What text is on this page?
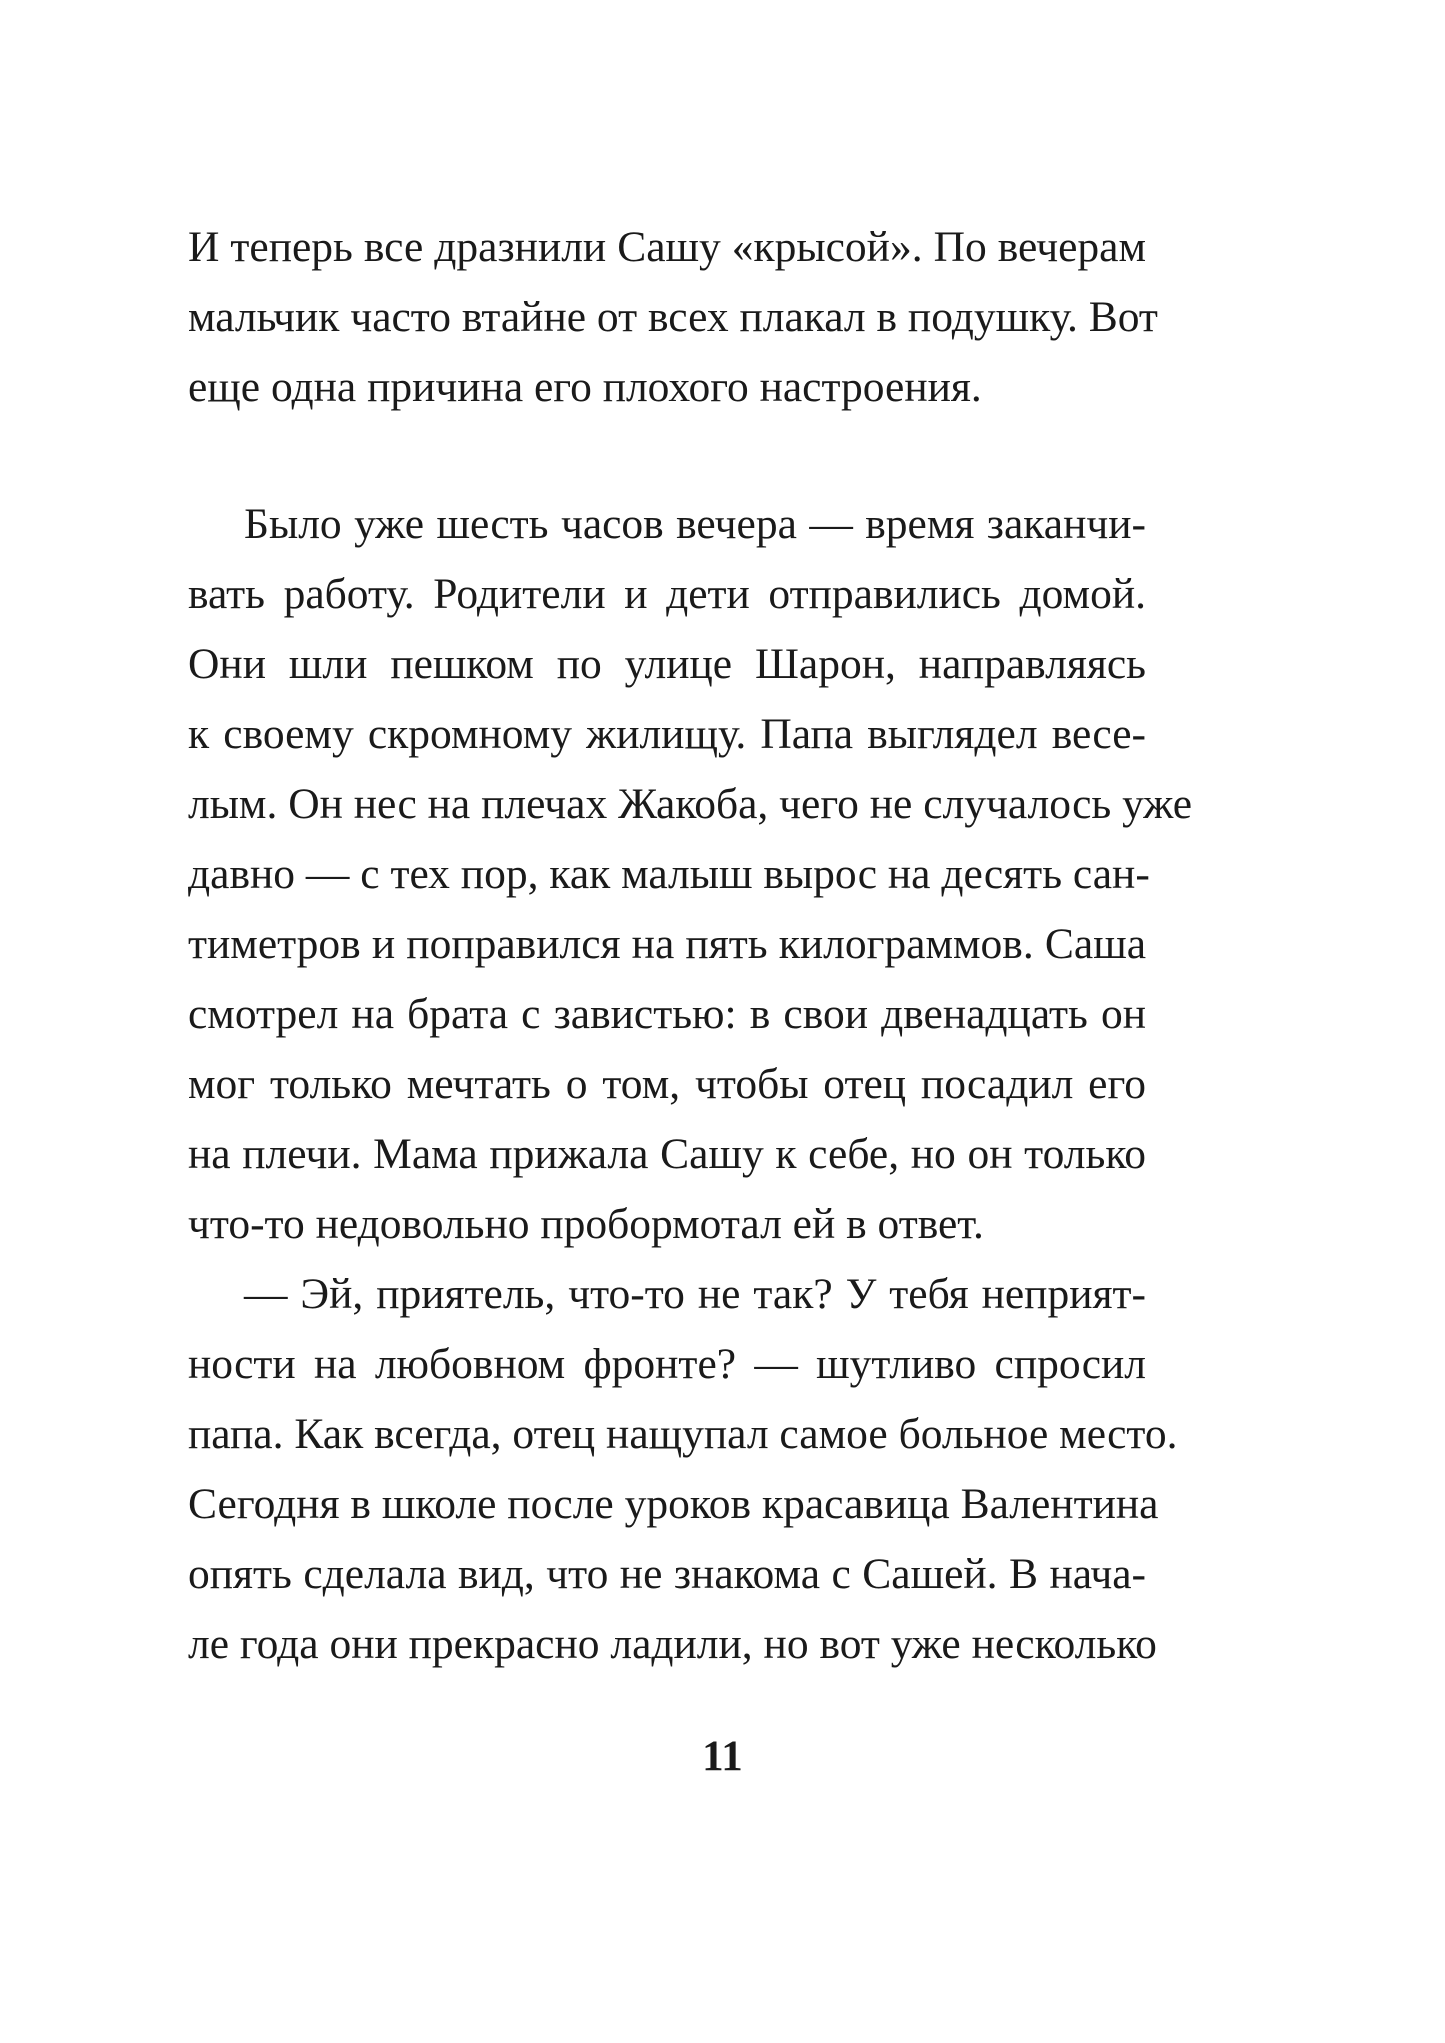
И теперь все дразнили Сашу «крысой». По вечерам
мальчик часто втайне от всех плакал в подушку. Вот
еще одна причина его плохого настроения.
Было уже шесть часов вечера — время заканчи-
вать работу. Родители и дети отправились домой.
Они шли пешком по улице Шарон, направляясь
к своему скромному жилищу. Папа выглядел весе-
лым. Он нес на плечах Жакоба, чего не случалось уже
давно — с тех пор, как малыш вырос на десять сан-
тиметров и поправился на пять килограммов. Саша
смотрел на брата с завистью: в свои двенадцать он
мог только мечтать о том, чтобы отец посадил его
на плечи. Мама прижала Сашу к себе, но он только
что-то недовольно пробормотал ей в ответ.
— Эй, приятель, что-то не так? У тебя неприят-
ности на любовном фронте? — шутливо спросил
папа. Как всегда, отец нащупал самое больное место.
Сегодня в школе после уроков красавица Валентина
опять сделала вид, что не знакома с Сашей. В нача-
ле года они прекрасно ладили, но вот уже несколько
11
